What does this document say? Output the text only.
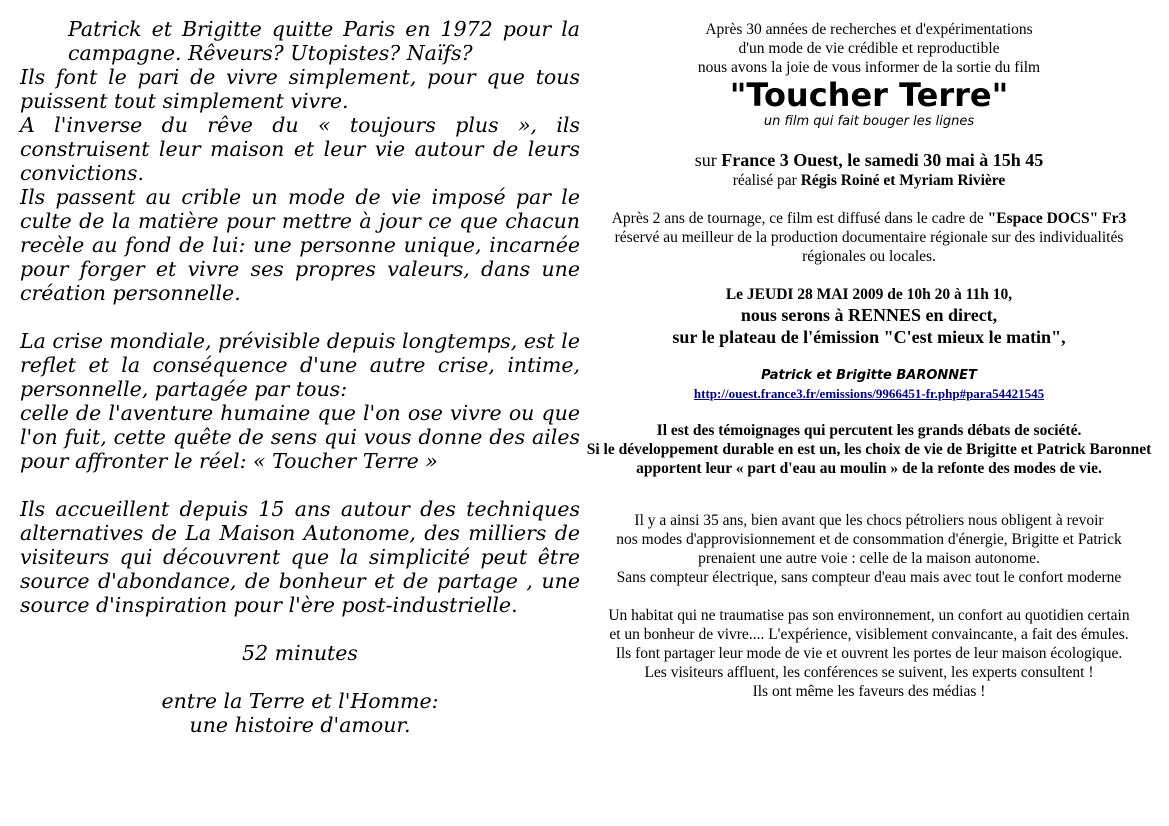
Patrick et Brigitte quitte Paris en 1972 pour la campagne. Rêveurs? Utopistes? Naïfs?

Ils font le pari de vivre simplement, pour que tous puissent tout simplement vivre.

A l'inverse du rêve du « toujours plus », ils construisent leur maison et leur vie autour de leurs convictions.

Ils passent au crible un mode de vie imposé par le culte de la matière pour mettre à jour ce que chacun recèle au fond de lui: une personne unique, incarnée pour forger et vivre ses propres valeurs, dans une création personnelle.

La crise mondiale, prévisible depuis longtemps, est le reflet et la conséquence d'une autre crise, intime, personnelle, partagée par tous:

celle de l'aventure humaine que l'on ose vivre ou que l'on fuit, cette quête de sens qui vous donne des ailes pour affronter le réel: « Toucher Terre »

Ils accueillent depuis 15 ans autour des techniques alternatives de La Maison Autonome, des milliers de visiteurs qui découvrent que la simplicité peut être source d'abondance, de bonheur et de partage , une source d'inspiration pour l'ère post-industrielle.

52 minutes

entre la Terre et l'Homme:

une histoire d'amour.

Après 30 années de recherches et d'expérimentations

d'un mode de vie crédible et reproductible

nous avons la joie de vous informer de la sortie du film

"Toucher Terre"

un film qui fait bouger les lignes

sur France 3 Ouest, le samedi 30 mai à 15h 45

réalisé par Régis Roiné et Myriam Rivière

Après 2 ans de tournage, ce film est diffusé dans le cadre de "Espace DOCS" Fr3

réservé au meilleur de la production documentaire régionale sur des individualités régionales ou locales.

Le JEUDI 28 MAI 2009 de 10h 20 à 11h 10,

nous serons à RENNES en direct,

sur le plateau de l'émission "C'est mieux le matin",

Patrick et Brigitte BARONNET

http://ouest.france3.fr/emissions/9966451-fr.php#para54421545

Il est des témoignages qui percutent les grands débats de société.

Si le développement durable en est un, les choix de vie de Brigitte et Patrick Baronnet

apportent leur « part d'eau au moulin » de la refonte des modes de vie.

Il y a ainsi 35 ans, bien avant que les chocs pétroliers nous obligent à revoir

nos modes d'approvisionnement et de consommation d'énergie, Brigitte et Patrick

prenaient une autre voie : celle de la maison autonome.

Sans compteur électrique, sans compteur d'eau mais avec tout le confort moderne

Un habitat qui ne traumatise pas son environnement, un confort au quotidien certain

et un bonheur de vivre.... L'expérience, visiblement convaincante, a fait des émules.

Ils font partager leur mode de vie et ouvrent les portes de leur maison écologique.

Les visiteurs affluent, les conférences se suivent, les experts consultent !

Ils ont même les faveurs des médias !
